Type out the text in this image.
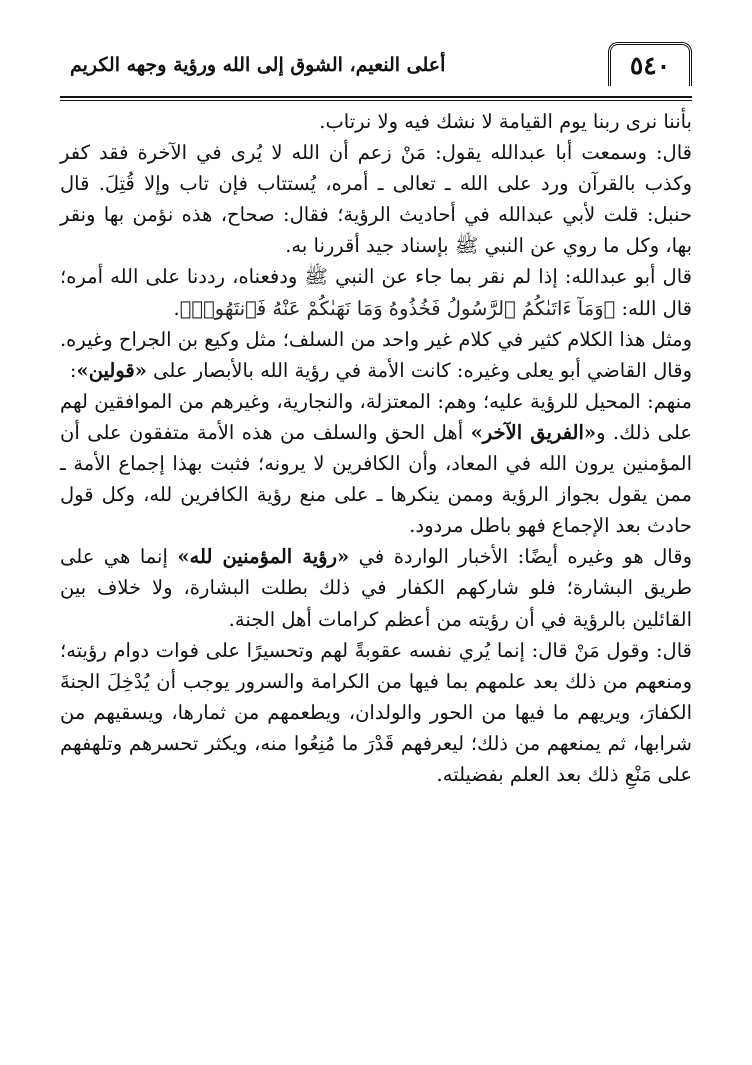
٥٤٠
أعلى النعيم، الشوق إلى الله ورؤية وجهه الكريم

بأننا نرى ربنا يوم القيامة لا نشك فيه ولا نرتاب.

قال: وسمعت أبا عبدالله يقول: مَنْ زعم أن الله لا يُرى في الآخرة فقد كفر وكذب بالقرآن ورد على الله ـ تعالى ـ أمره، يُستتاب فإن تاب وإلا قُتِلَ. قال حنبل: قلت لأبي عبدالله في أحاديث الرؤية؛ فقال: صحاح، هذه نؤمن بها ونقر بها، وكل ما روي عن النبي ﷺ بإسناد جيد أقررنا به.

قال أبو عبدالله: إذا لم نقر بما جاء عن النبي ﷺ ودفعناه، رددنا على الله أمره؛ قال الله: ﴿وَمَآ ءَاتَىٰكُمُ ٱلرَّسُولُ فَخُذُوهُ وَمَا نَهَىٰكُمْ عَنْهُ فَٱنتَهُوا۟﴾.

ومثل هذا الكلام كثير في كلام غير واحد من السلف؛ مثل وكيع بن الجراح وغيره.

وقال القاضي أبو يعلى وغيره: كانت الأمة في رؤية الله بالأبصار على «قولين»:

منهم: المحيل للرؤية عليه؛ وهم: المعتزلة، والنجارية، وغيرهم من الموافقين لهم على ذلك. و«الفريق الآخر» أهل الحق والسلف من هذه الأمة متفقون على أن المؤمنين يرون الله في المعاد، وأن الكافرين لا يرونه؛ فثبت بهذا إجماع الأمة ـ ممن يقول بجواز الرؤية وممن ينكرها ـ على منع رؤية الكافرين لله، وكل قول حادث بعد الإجماع فهو باطل مردود.

وقال هو وغيره أيضًا: الأخبار الواردة في «رؤية المؤمنين لله» إنما هي على طريق البشارة؛ فلو شاركهم الكفار في ذلك بطلت البشارة، ولا خلاف بين القائلين بالرؤية في أن رؤيته من أعظم كرامات أهل الجنة.

قال: وقول مَنْ قال: إنما يُري نفسه عقوبةً لهم وتحسيرًا على فوات دوام رؤيته؛ ومنعهم من ذلك بعد علمهم بما فيها من الكرامة والسرور يوجب أن يُدْخِلَ الجنةَ الكفارَ، ويريهم ما فيها من الحور والولدان، ويطعمهم من ثمارها، ويسقيهم من شرابها، ثم يمنعهم من ذلك؛ ليعرفهم قَدْرَ ما مُنِعُوا منه، ويكثر تحسرهم وتلهفهم على مَنْعِ ذلك بعد العلم بفضيلته.
